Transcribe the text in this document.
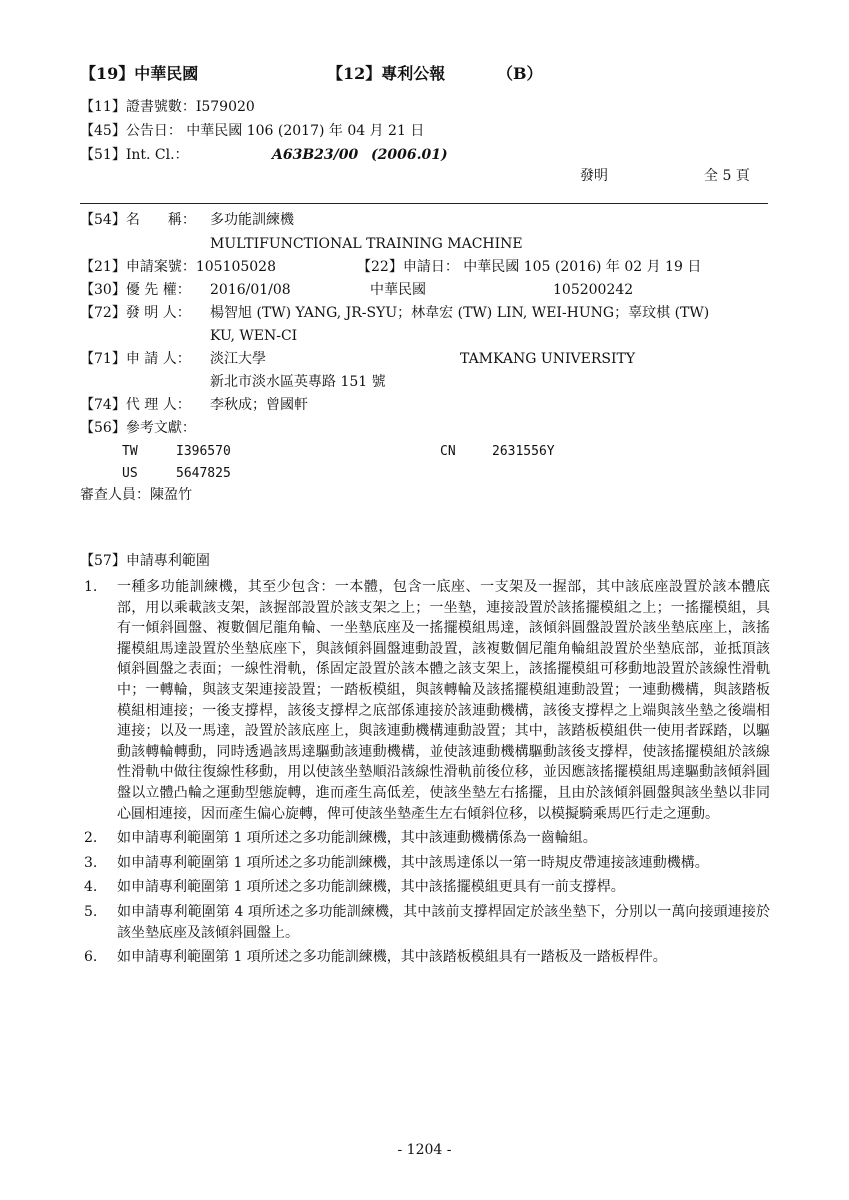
【19】中華民國	【12】專利公報	（B）
【11】證書號數：I579020
【45】公告日： 中華民國 106 (2017) 年 04 月 21 日
【51】Int. Cl.：	A63B23/00 (2006.01)
發明	全 5 頁
【54】名　　稱： 多功能訓練機
MULTIFUNCTIONAL TRAINING MACHINE
【21】申請案號：105105028	【22】申請日： 中華民國 105 (2016) 年 02 月 19 日
【30】優 先 權： 2016/01/08	中華民國	105200242
【72】發 明 人： 楊智旭 (TW) YANG, JR-SYU；林韋宏 (TW) LIN, WEI-HUNG；辜玟棋 (TW)
KU, WEN-CI
【71】申 請 人： 淡江大學	TAMKANG UNIVERSITY
新北市淡水區英專路 151 號
【74】代 理 人： 李秋成；曾國軒
【56】參考文獻：
TW	I396570	CN	2631556Y
US	5647825
審查人員：陳盈竹
【57】申請專利範圍
1. 一種多功能訓練機，其至少包含：一本體，包含一底座、一支架及一握部，其中該底座設置於該本體底部，用以乘載該支架，該握部設置於該支架之上；一坐墊，連接設置於該搖擺模組之上；一搖擺模組，具有一傾斜圓盤、複數個尼龍角輪、一坐墊底座及一搖擺模組馬達，該傾斜圓盤設置於該坐墊底座上，該搖擺模組馬達設置於坐墊底座下，與該傾斜圓盤連動設置，該複數個尼龍角輪組設置於坐墊底部，並抵頂該傾斜圓盤之表面；一線性滑軌，係固定設置於該本體之該支架上，該搖擺模組可移動地設置於該線性滑軌中；一轉輪，與該支架連接設置；一踏板模組，與該轉輪及該搖擺模組連動設置；一連動機構，與該踏板模組相連接；一後支撐桿，該後支撐桿之底部係連接於該連動機構，該後支撐桿之上端與該坐墊之後端相連接；以及一馬達，設置於該底座上，與該連動機構連動設置；其中，該踏板模組供一使用者踩踏，以驅動該轉輪轉動，同時透過該馬達驅動該連動機構，並使該連動機構驅動該後支撐桿，使該搖擺模組於該線性滑軌中做往復線性移動，用以使該坐墊順沿該線性滑軌前後位移，並因應該搖擺模組馬達驅動該傾斜圓盤以立體凸輪之運動型態旋轉，進而產生高低差，使該坐墊左右搖擺，且由於該傾斜圓盤與該坐墊以非同心圓相連接，因而產生偏心旋轉，俾可使該坐墊產生左右傾斜位移，以模擬騎乘馬匹行走之運動。
2. 如申請專利範圍第 1 項所述之多功能訓練機，其中該連動機構係為一齒輪組。
3. 如申請專利範圍第 1 項所述之多功能訓練機，其中該馬達係以一第一時規皮帶連接該連動機構。
4. 如申請專利範圍第 1 項所述之多功能訓練機，其中該搖擺模組更具有一前支撐桿。
5. 如申請專利範圍第 4 項所述之多功能訓練機，其中該前支撐桿固定於該坐墊下，分別以一萬向接頭連接於該坐墊底座及該傾斜圓盤上。
6. 如申請專利範圍第 1 項所述之多功能訓練機，其中該踏板模組具有一踏板及一踏板桿件。
- 1204 -
